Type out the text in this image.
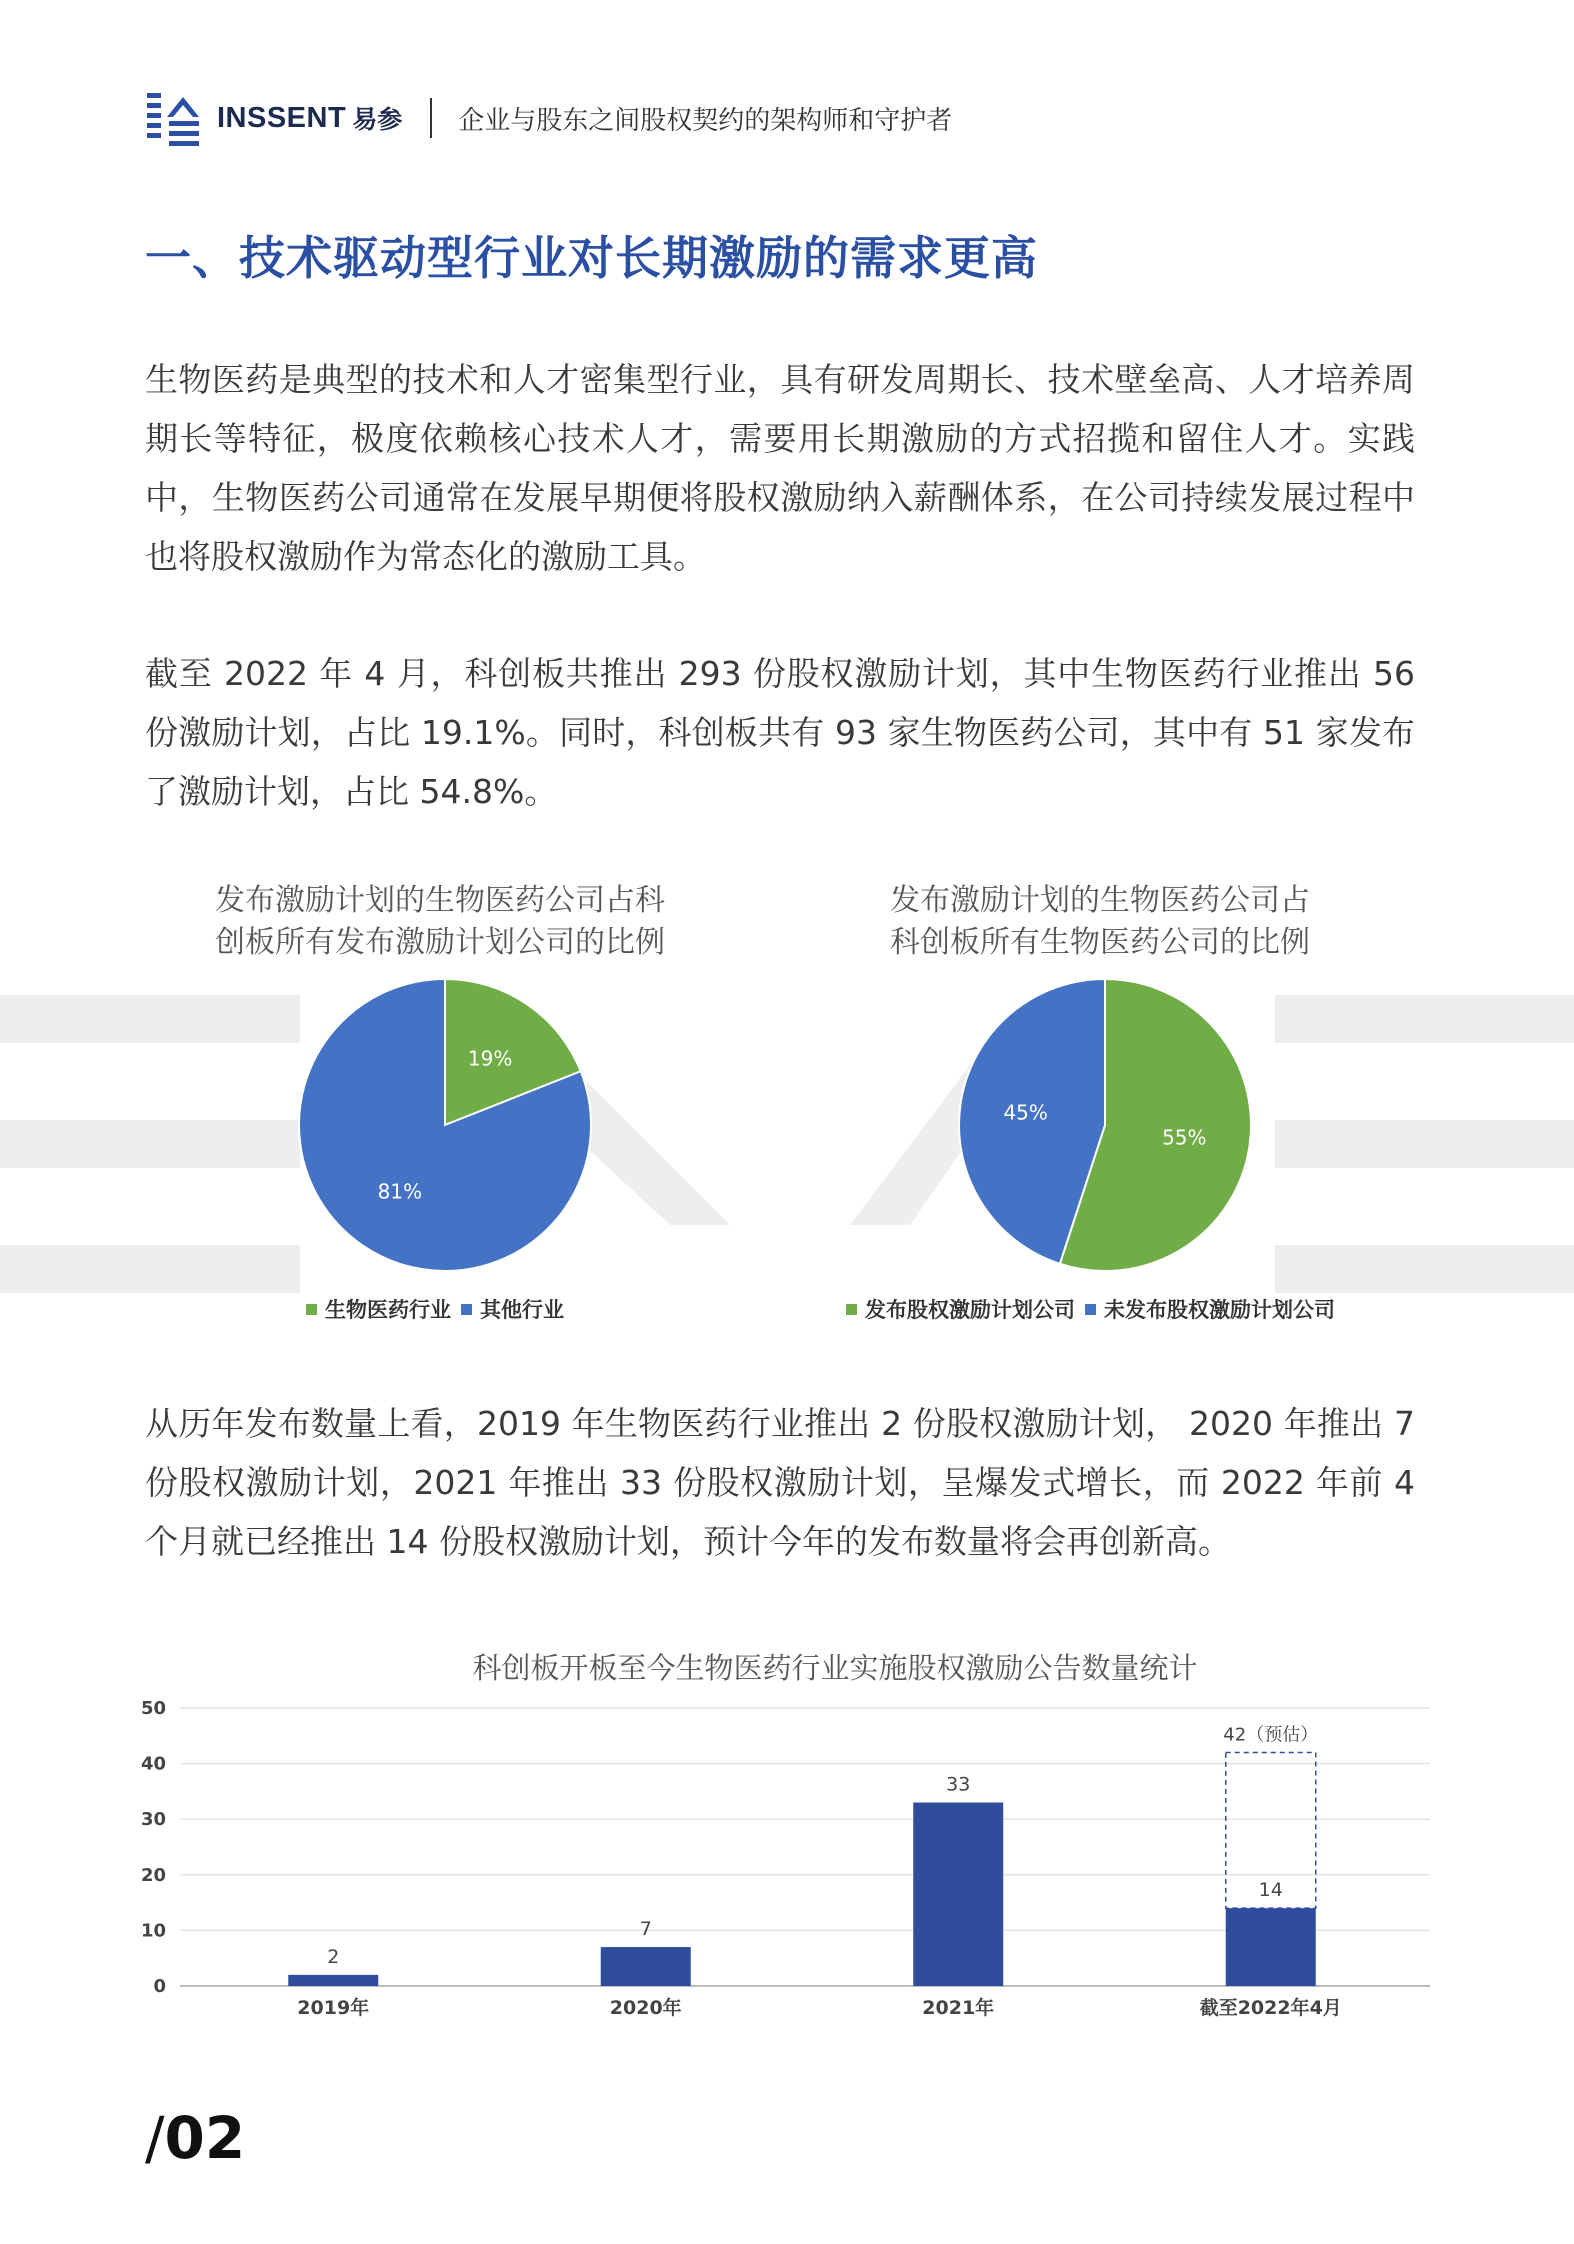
INSSENT 易参 企业与股东之间股权契约的架构师和守护者
一、技术驱动型行业对长期激励的需求更高
生物医药是典型的技术和人才密集型行业，具有研发周期长、技术壁垒高、人才培养周期长等特征，极度依赖核心技术人才，需要用长期激励的方式招揽和留住人才。实践中，生物医药公司通常在发展早期便将股权激励纳入薪酬体系，在公司持续发展过程中也将股权激励作为常态化的激励工具。
截至 2022 年 4 月，科创板共推出 293 份股权激励计划，其中生物医药行业推出 56 份激励计划，占比 19.1%。同时，科创板共有 93 家生物医药公司，其中有 51 家发布了激励计划，占比 54.8%。
发布激励计划的生物医药公司占科
创板所有发布激励计划公司的比例
19%
81%
生物医药行业 其他行业
发布激励计划的生物医药公司占
科创板所有生物医药公司的比例
55%
45%
发布股权激励计划公司 未发布股权激励计划公司
从历年发布数量上看，2019 年生物医药行业推出 2 份股权激励计划， 2020 年推出 7 份股权激励计划，2021 年推出 33 份股权激励计划，呈爆发式增长，而 2022 年前 4 个月就已经推出 14 份股权激励计划，预计今年的发布数量将会再创新高。
科创板开板至今生物医药行业实施股权激励公告数量统计
0
10
20
30
40
50
2
2019年
7
2020年
33
2021年
42（预估）
14
截至2022年4月
/02
